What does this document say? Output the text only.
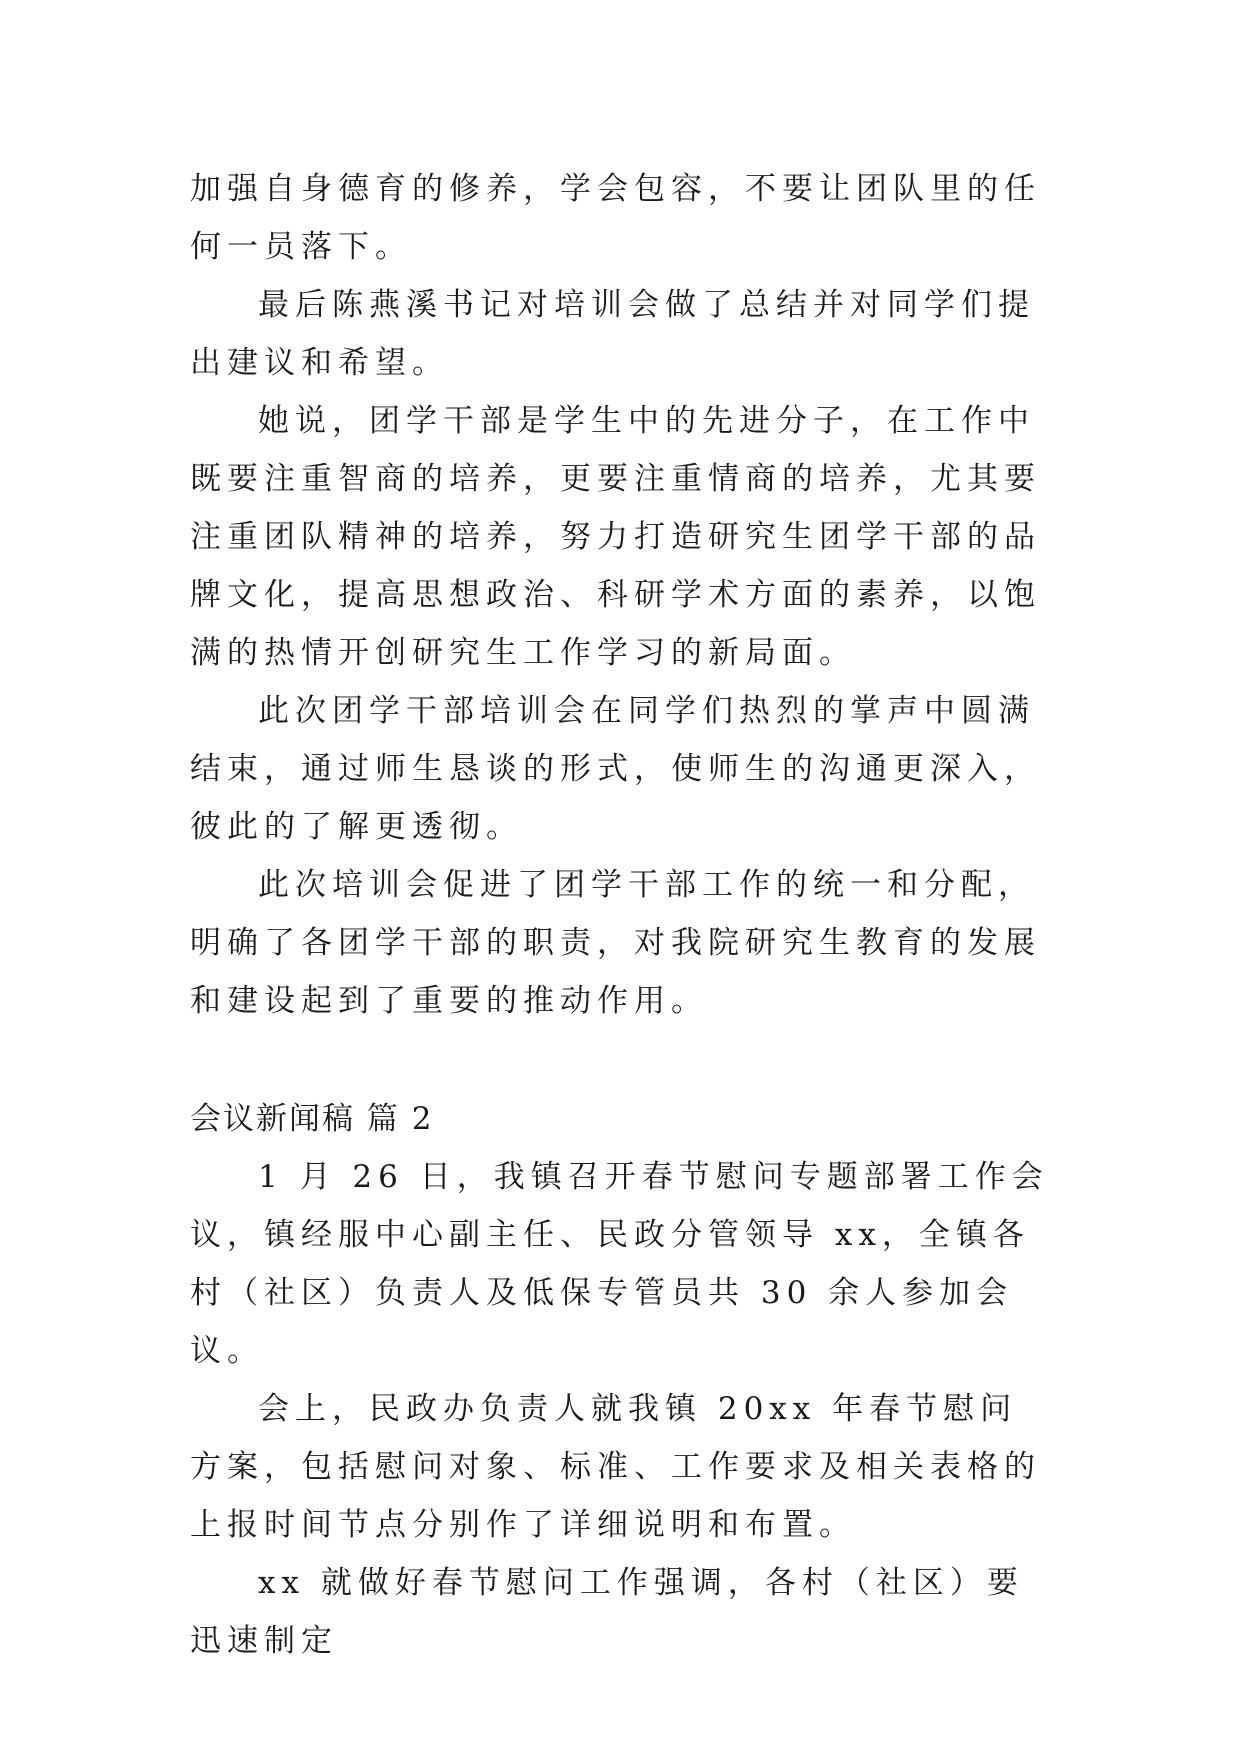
加强自身德育的修养，学会包容，不要让团队里的任何一员落下。

最后陈燕溪书记对培训会做了总结并对同学们提出建议和希望。

她说，团学干部是学生中的先进分子，在工作中既要注重智商的培养，更要注重情商的培养，尤其要注重团队精神的培养，努力打造研究生团学干部的品牌文化，提高思想政治、科研学术方面的素养，以饱满的热情开创研究生工作学习的新局面。

此次团学干部培训会在同学们热烈的掌声中圆满结束，通过师生恳谈的形式，使师生的沟通更深入，彼此的了解更透彻。

此次培训会促进了团学干部工作的统一和分配，明确了各团学干部的职责，对我院研究生教育的发展和建设起到了重要的推动作用。

会议新闻稿 篇 2

1 月 26 日，我镇召开春节慰问专题部署工作会议，镇经服中心副主任、民政分管领导 xx，全镇各村（社区）负责人及低保专管员共 30 余人参加会议。

会上，民政办负责人就我镇 20xx 年春节慰问方案，包括慰问对象、标准、工作要求及相关表格的上报时间节点分别作了详细说明和布置。

xx 就做好春节慰问工作强调，各村（社区）要迅速制定
